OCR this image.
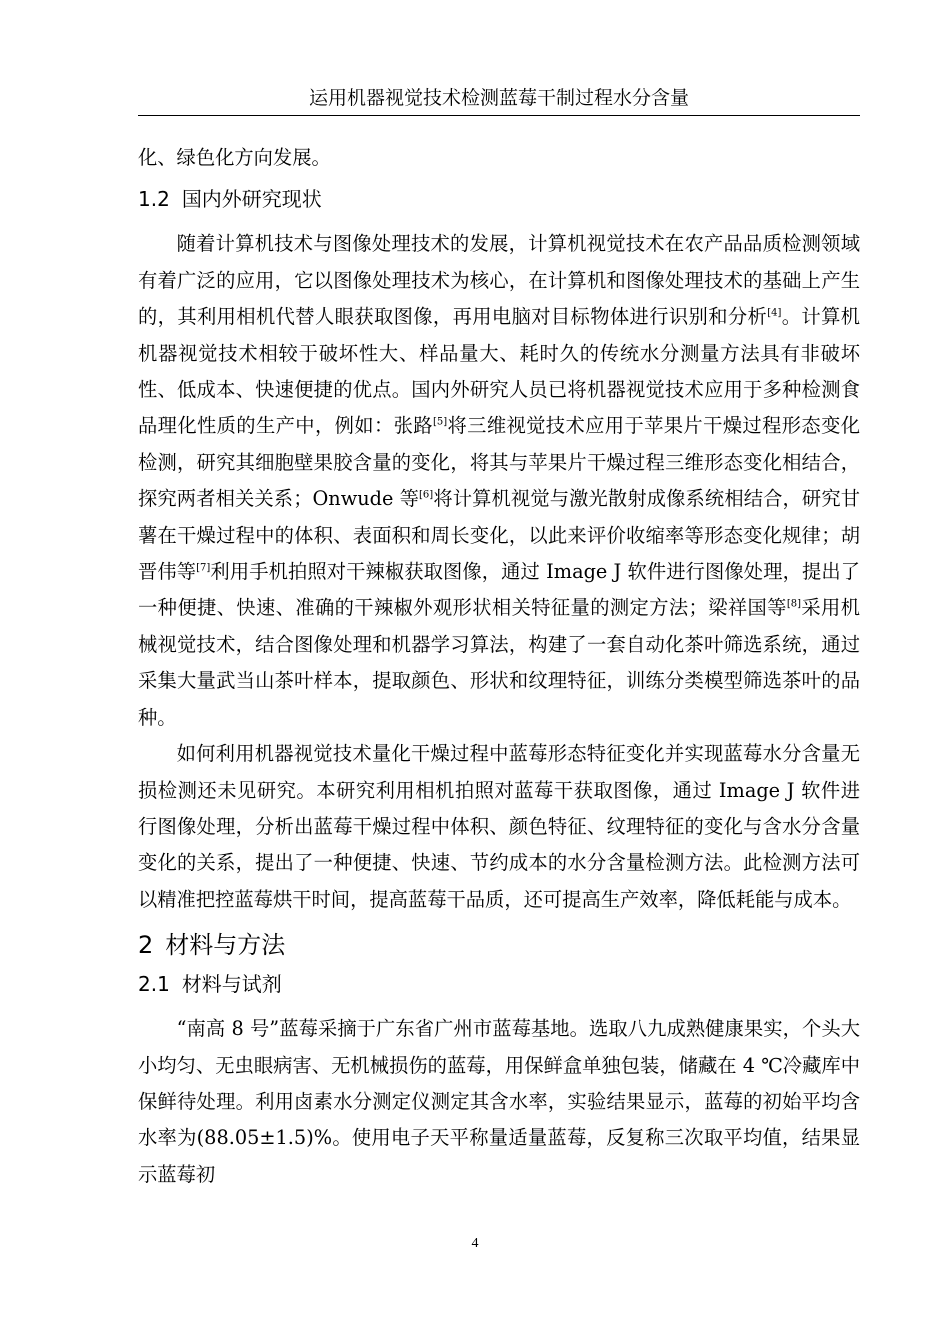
运用机器视觉技术检测蓝莓干制过程水分含量

化、绿色化方向发展。

1.2 国内外研究现状

随着计算机技术与图像处理技术的发展，计算机视觉技术在农产品品质检测领域有着广泛的应用，它以图像处理技术为核心，在计算机和图像处理技术的基础上产生的，其利用相机代替人眼获取图像，再用电脑对目标物体进行识别和分析[4]。计算机机器视觉技术相较于破坏性大、样品量大、耗时久的传统水分测量方法具有非破坏性、低成本、快速便捷的优点。国内外研究人员已将机器视觉技术应用于多种检测食品理化性质的生产中，例如：张路[5]将三维视觉技术应用于苹果片干燥过程形态变化检测，研究其细胞壁果胶含量的变化，将其与苹果片干燥过程三维形态变化相结合，探究两者相关关系；Onwude 等[6]将计算机视觉与激光散射成像系统相结合，研究甘薯在干燥过程中的体积、表面积和周长变化，以此来评价收缩率等形态变化规律；胡晋伟等[7]利用手机拍照对干辣椒获取图像，通过 Image J 软件进行图像处理，提出了一种便捷、快速、准确的干辣椒外观形状相关特征量的测定方法；梁祥国等[8]采用机械视觉技术，结合图像处理和机器学习算法，构建了一套自动化茶叶筛选系统，通过采集大量武当山茶叶样本，提取颜色、形状和纹理特征，训练分类模型筛选茶叶的品种。

如何利用机器视觉技术量化干燥过程中蓝莓形态特征变化并实现蓝莓水分含量无损检测还未见研究。本研究利用相机拍照对蓝莓干获取图像，通过 Image J 软件进行图像处理，分析出蓝莓干燥过程中体积、颜色特征、纹理特征的变化与含水分含量变化的关系，提出了一种便捷、快速、节约成本的水分含量检测方法。此检测方法可以精准把控蓝莓烘干时间，提高蓝莓干品质，还可提高生产效率，降低耗能与成本。

2 材料与方法
2.1 材料与试剂

“南高 8 号”蓝莓采摘于广东省广州市蓝莓基地。选取八九成熟健康果实，个头大小均匀、无虫眼病害、无机械损伤的蓝莓，用保鲜盒单独包装，储藏在 4 ℃冷藏库中保鲜待处理。利用卤素水分测定仪测定其含水率，实验结果显示，蓝莓的初始平均含水率为(88.05±1.5)%。使用电子天平称量适量蓝莓，反复称三次取平均值，结果显示蓝莓初

4
